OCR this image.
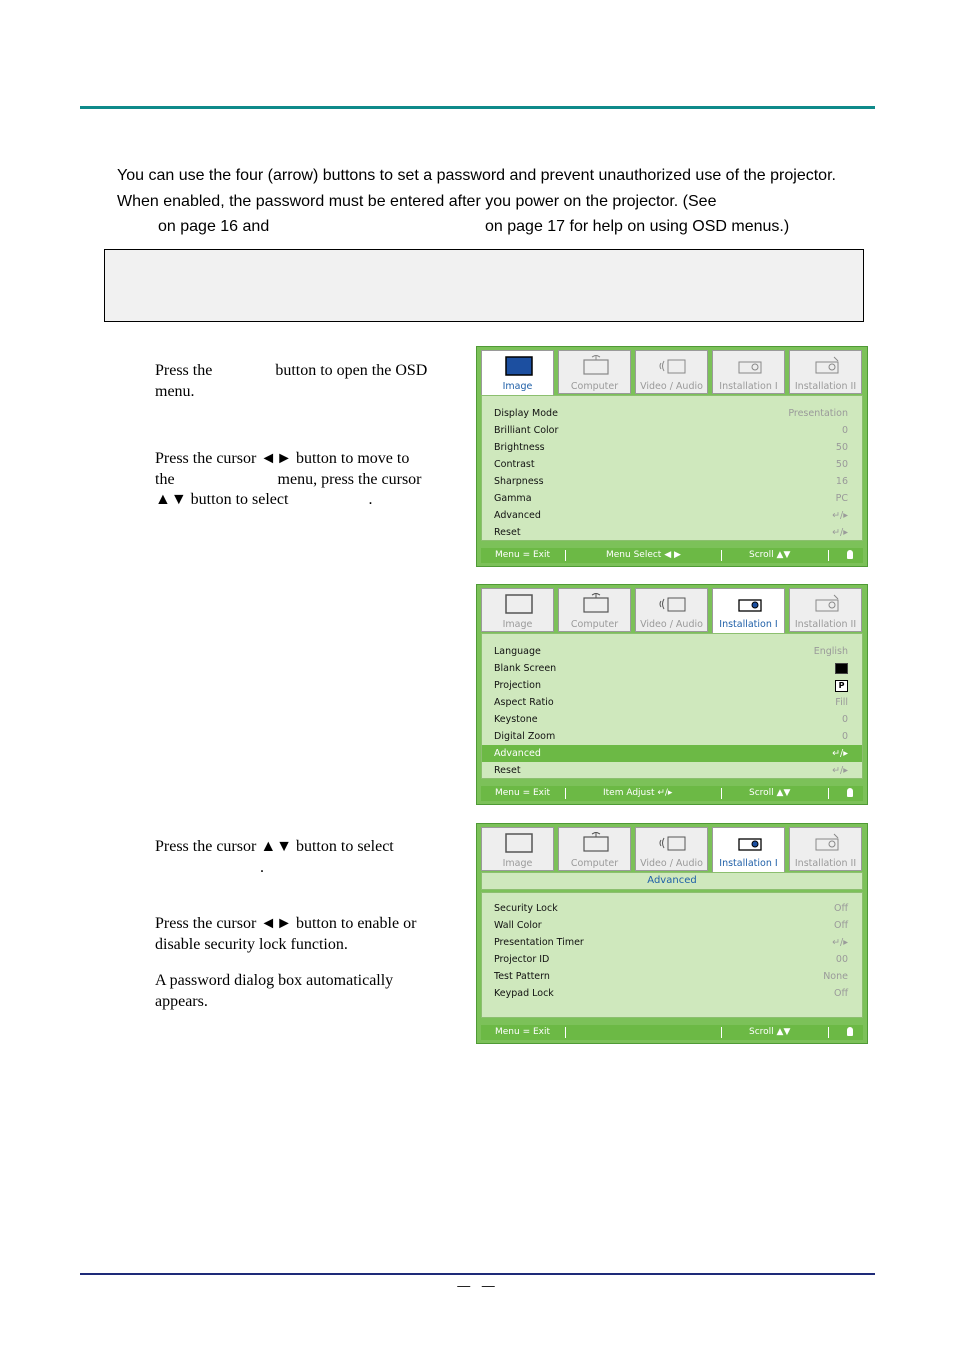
You can use the four (arrow) buttons to set a password and prevent unauthorized use of the projector.
When enabled, the password must be entered after you power on the projector. (See
on page 16 and	on page 17 for help on using OSD menus.)
Press the	button to open the OSD
menu.
Press the cursor ◄► button to move to
the	menu, press the cursor
▲▼ button to select	.
Press the cursor ▲▼ button to select
.
Press the cursor ◄► button to enable or
disable security lock function.
A password dialog box automatically
appears.
Image	Computer	Video / Audio	Installation I	Installation II
Display Mode	Presentation
Brilliant Color	0
Brightness	50
Contrast	50
Sharpness	16
Gamma	PC
Advanced	↵/▸
Reset	↵/▸
Menu = Exit	Menu Select ◀ ▶	Scroll ▲▼
Image	Computer	Video / Audio	Installation I	Installation II
Language	English
Blank Screen
Projection	P
Aspect Ratio	Fill
Keystone	0
Digital Zoom	0
Advanced	↵/▸
Reset	↵/▸
Menu = Exit	Item Adjust ↵/▸	Scroll ▲▼
Image	Computer	Video / Audio	Installation I	Installation II
Advanced
Security Lock	Off
Wall Color	Off
Presentation Timer	↵/▸
Projector ID	00
Test Pattern	None
Keypad Lock	Off
Menu = Exit	Scroll ▲▼
— —
